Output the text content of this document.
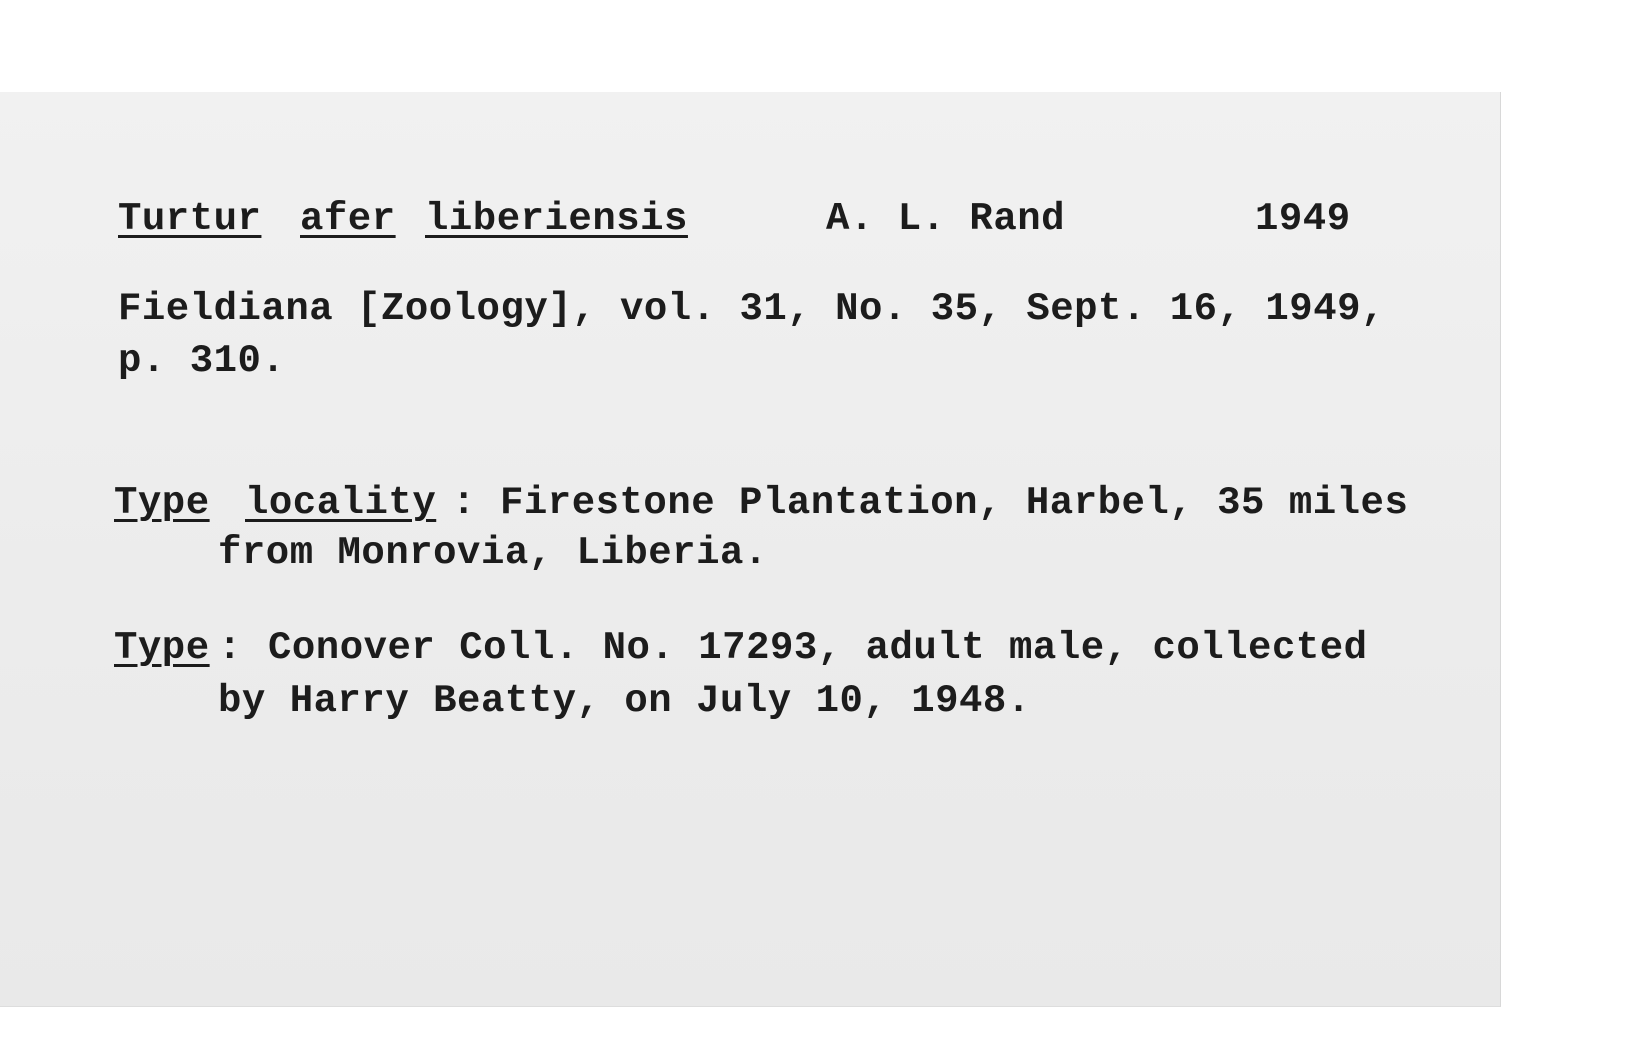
Turtur afer liberiensis	A. L. Rand	1949
Fieldiana [Zoology], vol. 31, No. 35, Sept. 16, 1949,
p. 310.
Type locality : Firestone Plantation, Harbel, 35 miles
from Monrovia, Liberia.
Type : Conover Coll. No. 17293, adult male, collected
by Harry Beatty, on July 10, 1948.
